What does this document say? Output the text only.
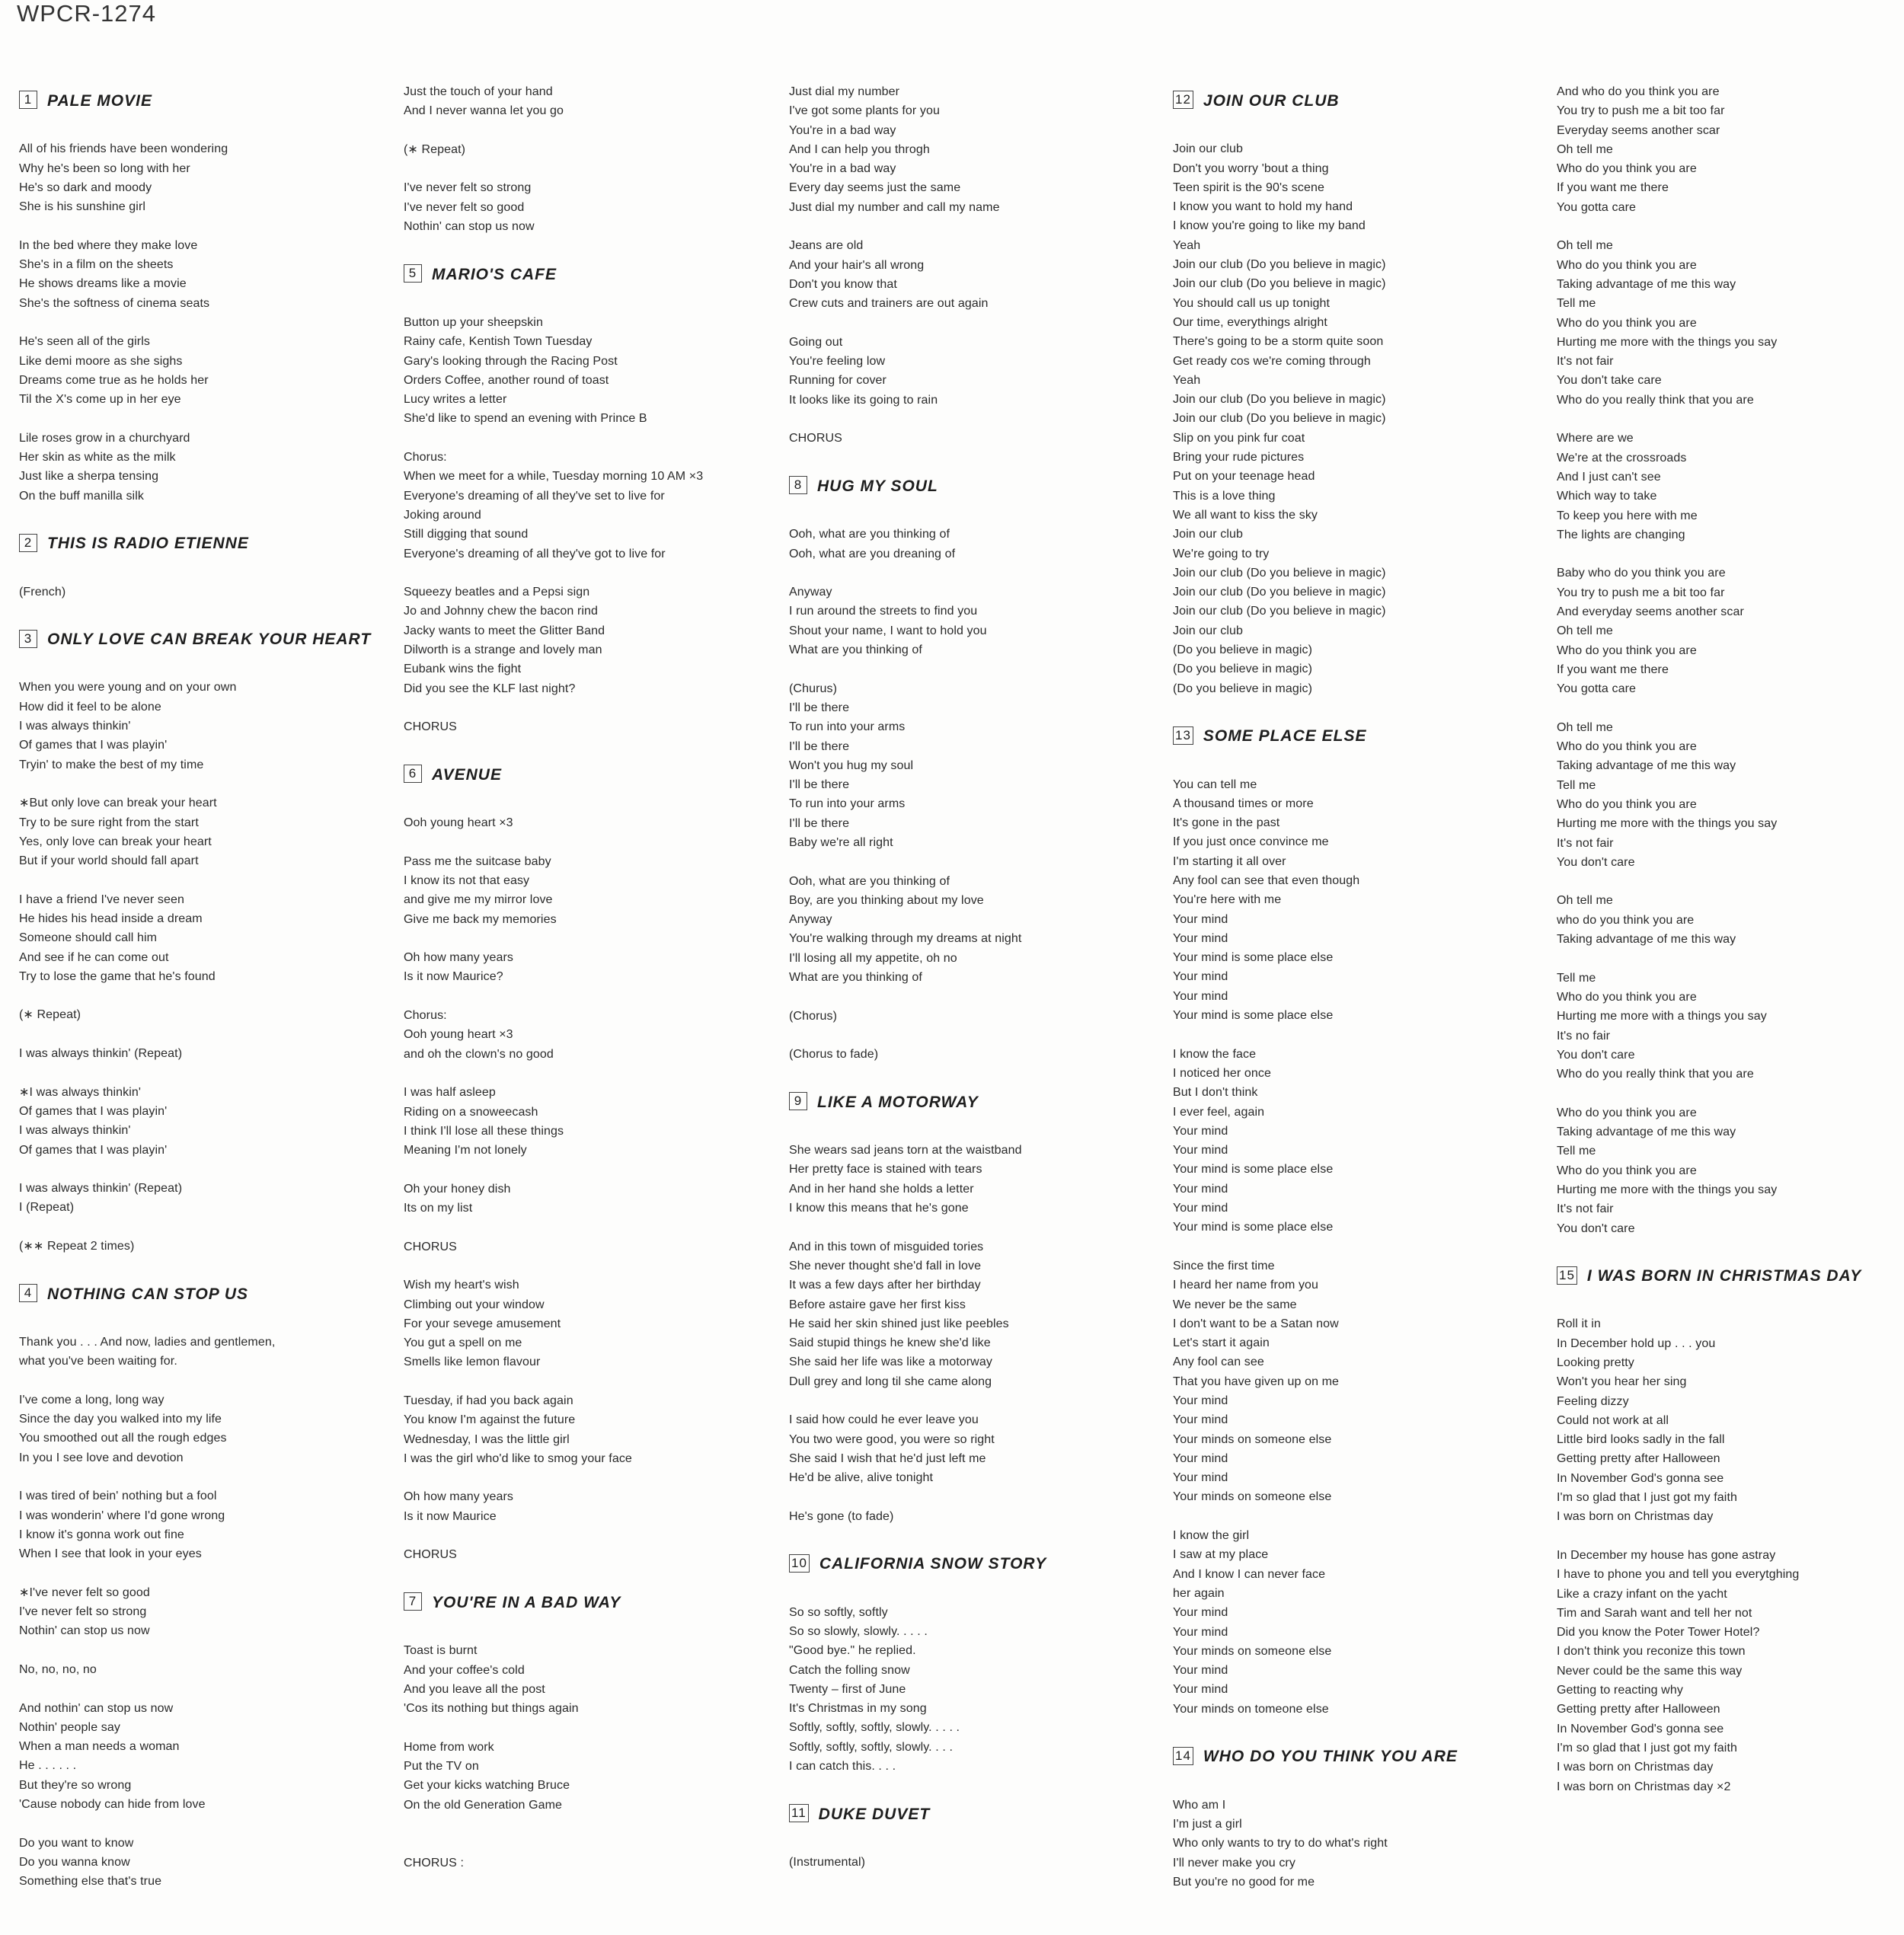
WPCR-1274
1 PALE MOVIE
All of his friends have been wondering
Why he's been so long with her
He's so dark and moody
She is his sunshine girl
In the bed where they make love
She's in a film on the sheets
He shows dreams like a movie
She's the softness of cinema seats
He's seen all of the girls
Like demi moore as she sighs
Dreams come true as he holds her
Til the X's come up in her eye
Lile roses grow in a churchyard
Her skin as white as the milk
Just like a sherpa tensing
On the buff manilla silk
2 THIS IS RADIO ETIENNE
(French)
3 ONLY LOVE CAN BREAK YOUR HEART
When you were young and on your own
How did it feel to be alone
I was always thinkin'
Of games that I was playin'
Tryin' to make the best of my time
∗But only love can break your heart
Try to be sure right from the start
Yes, only love can break your heart
But if your world should fall apart
I have a friend I've never seen
He hides his head inside a dream
Someone should call him
And see if he can come out
Try to lose the game that he's found
(∗ Repeat)
I was always thinkin' (Repeat)
∗I was always thinkin'
Of games that I was playin'
I was always thinkin'
Of games that I was playin'
I was always thinkin' (Repeat)
I (Repeat)
(∗∗ Repeat 2 times)
4 NOTHING CAN STOP US
Thank you . . . And now, ladies and gentlemen,
what you've been waiting for.
I've come a long, long way
Since the day you walked into my life
You smoothed out all the rough edges
In you I see love and devotion
I was tired of bein' nothing but a fool
I was wonderin' where I'd gone wrong
I know it's gonna work out fine
When I see that look in your eyes
∗I've never felt so good
I've never felt so strong
Nothin' can stop us now
No, no, no, no
And nothin' can stop us now
Nothin' people say
When a man needs a woman
He . . . . . .
But they're so wrong
'Cause nobody can hide from love
Do you want to know
Do you wanna know
Something else that's true
Just the touch of your hand
And I never wanna let you go
(∗ Repeat)
I've never felt so strong
I've never felt so good
Nothin' can stop us now
5 MARIO'S CAFE
Button up your sheepskin
Rainy cafe, Kentish Town Tuesday
Gary's looking through the Racing Post
Orders Coffee, another round of toast
Lucy writes a letter
She'd like to spend an evening with Prince B
Chorus:
When we meet for a while, Tuesday morning 10 AM ×3
Everyone's dreaming of all they've set to live for
Joking around
Still digging that sound
Everyone's dreaming of all they've got to live for
Squeezy beatles and a Pepsi sign
Jo and Johnny chew the bacon rind
Jacky wants to meet the Glitter Band
Dilworth is a strange and lovely man
Eubank wins the fight
Did you see the KLF last night?
CHORUS
6 AVENUE
Ooh young heart ×3
Pass me the suitcase baby
I know its not that easy
and give me my mirror love
Give me back my memories
Oh how many years
Is it now Maurice?
Chorus:
Ooh young heart ×3
and oh the clown's no good
I was half asleep
Riding on a snoweecash
I think I'll lose all these things
Meaning I'm not lonely
Oh your honey dish
Its on my list
CHORUS
Wish my heart's wish
Climbing out your window
For your sevege amusement
You gut a spell on me
Smells like lemon flavour
Tuesday, if had you back again
You know I'm against the future
Wednesday, I was the little girl
I was the girl who'd like to smog your face
Oh how many years
Is it now Maurice
CHORUS
7 YOU'RE IN A BAD WAY
Toast is burnt
And your coffee's cold
And you leave all the post
'Cos its nothing but things again
Home from work
Put the TV on
Get your kicks watching Bruce
On the old Generation Game
CHORUS :
Just dial my number
I've got some plants for you
You're in a bad way
And I can help you throgh
You're in a bad way
Every day seems just the same
Just dial my number and call my name
Jeans are old
And your hair's all wrong
Don't you know that
Crew cuts and trainers are out again
Going out
You're feeling low
Running for cover
It looks like its going to rain
CHORUS
8 HUG MY SOUL
Ooh, what are you thinking of
Ooh, what are you dreaning of
Anyway
I run around the streets to find you
Shout your name, I want to hold you
What are you thinking of
(Churus)
I'll be there
To run into your arms
I'll be there
Won't you hug my soul
I'll be there
To run into your arms
I'll be there
Baby we're all right
Ooh, what are you thinking of
Boy, are you thinking about my love
Anyway
You're walking through my dreams at night
I'll losing all my appetite, oh no
What are you thinking of
(Chorus)
(Chorus to fade)
9 LIKE A MOTORWAY
She wears sad jeans torn at the waistband
Her pretty face is stained with tears
And in her hand she holds a letter
I know this means that he's gone
And in this town of misguided tories
She never thought she'd fall in love
It was a few days after her birthday
Before astaire gave her first kiss
He said her skin shined just like peebles
Said stupid things he knew she'd like
She said her life was like a motorway
Dull grey and long til she came along
I said how could he ever leave you
You two were good, you were so right
She said I wish that he'd just left me
He'd be alive, alive tonight
He's gone (to fade)
10 CALIFORNIA SNOW STORY
So so softly, softly
So so slowly, slowly. . . . .
"Good bye." he replied.
Catch the folling snow
Twenty – first of June
It's Christmas in my song
Softly, softly, softly, slowly. . . . .
Softly, softly, softly, slowly. . . .
I can catch this. . . .
11 DUKE DUVET
(Instrumental)
12 JOIN OUR CLUB
Join our club
Don't you worry 'bout a thing
Teen spirit is the 90's scene
I know you want to hold my hand
I know you're going to like my band
Yeah
Join our club (Do you believe in magic)
Join our club (Do you believe in magic)
You should call us up tonight
Our time, everythings alright
There's going to be a storm quite soon
Get ready cos we're coming through
Yeah
Join our club (Do you believe in magic)
Join our club (Do you believe in magic)
Slip on you pink fur coat
Bring your rude pictures
Put on your teenage head
This is a love thing
We all want to kiss the sky
Join our club
We're going to try
Join our club (Do you believe in magic)
Join our club (Do you believe in magic)
Join our club (Do you believe in magic)
Join our club
(Do you believe in magic)
(Do you believe in magic)
(Do you believe in magic)
13 SOME PLACE ELSE
You can tell me
A thousand times or more
It's gone in the past
If you just once convince me
I'm starting it all over
Any fool can see that even though
You're here with me
Your mind
Your mind
Your mind is some place else
Your mind
Your mind
Your mind is some place else
I know the face
I noticed her once
But I don't think
I ever feel, again
Your mind
Your mind
Your mind is some place else
Your mind
Your mind
Your mind is some place else
Since the first time
I heard her name from you
We never be the same
I don't want to be a Satan now
Let's start it again
Any fool can see
That you have given up on me
Your mind
Your mind
Your minds on someone else
Your mind
Your mind
Your minds on someone else
I know the girl
I saw at my place
And I know I can never face
her again
Your mind
Your mind
Your minds on someone else
Your mind
Your mind
Your minds on tomeone else
14 WHO DO YOU THINK YOU ARE
Who am I
I'm just a girl
Who only wants to try to do what's right
I'll never make you cry
But you're no good for me
And who do you think you are
You try to push me a bit too far
Everyday seems another scar
Oh tell me
Who do you think you are
If you want me there
You gotta care
Oh tell me
Who do you think you are
Taking advantage of me this way
Tell me
Who do you think you are
Hurting me more with the things you say
It's not fair
You don't take care
Who do you really think that you are
Where are we
We're at the crossroads
And I just can't see
Which way to take
To keep you here with me
The lights are changing
Baby who do you think you are
You try to push me a bit too far
And everyday seems another scar
Oh tell me
Who do you think you are
If you want me there
You gotta care
Oh tell me
Who do you think you are
Taking advantage of me this way
Tell me
Who do you think you are
Hurting me more with the things you say
It's not fair
You don't care
Oh tell me
who do you think you are
Taking advantage of me this way
Tell me
Who do you think you are
Hurting me more with a things you say
It's no fair
You don't care
Who do you really think that you are
Who do you think you are
Taking advantage of me this way
Tell me
Who do you think you are
Hurting me more with the things you say
It's not fair
You don't care
15 I WAS BORN IN CHRISTMAS DAY
Roll it in
In December hold up . . . you
Looking pretty
Won't you hear her sing
Feeling dizzy
Could not work at all
Little bird looks sadly in the fall
Getting pretty after Halloween
In November God's gonna see
I'm so glad that I just got my faith
I was born on Christmas day
In December my house has gone astray
I have to phone you and tell you everytghing
Like a crazy infant on the yacht
Tim and Sarah want and tell her not
Did you know the Poter Tower Hotel?
I don't think you reconize this town
Never could be the same this way
Getting to reacting why
Getting pretty after Halloween
In November God's gonna see
I'm so glad that I just got my faith
I was born on Christmas day
I was born on Christmas day ×2
